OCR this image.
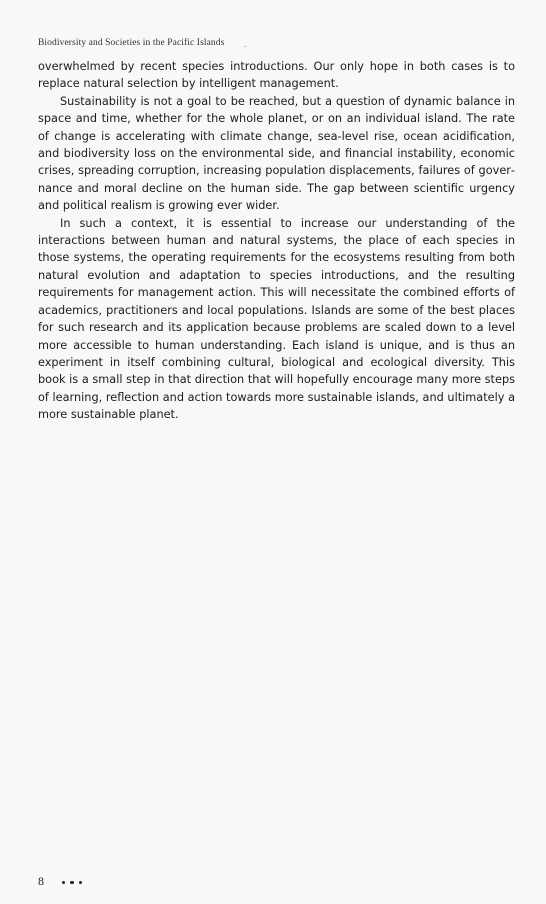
Biodiversity and Societies in the Pacific Islands .

overwhelmed by recent species introductions. Our only hope in both cases is to replace natural selection by intelligent management.

Sustainability is not a goal to be reached, but a question of dynamic balance in space and time, whether for the whole planet, or on an individual island. The rate of change is accelerating with climate change, sea-level rise, ocean acidification, and biodiversity loss on the environmental side, and financial instability, economic crises, spreading corruption, increasing population displacements, failures of governance and moral decline on the human side. The gap between scientific urgency and political realism is growing ever wider.

In such a context, it is essential to increase our understanding of the interactions between human and natural systems, the place of each species in those systems, the operating requirements for the ecosystems resulting from both natural evolution and adaptation to species introductions, and the resulting requirements for management action. This will necessitate the combined efforts of academics, practitioners and local populations. Islands are some of the best places for such research and its application because problems are scaled down to a level more accessible to human understanding. Each island is unique, and is thus an experiment in itself combining cultural, biological and ecological diversity. This book is a small step in that direction that will hopefully encourage many more steps of learning, reflection and action towards more sustainable islands, and ultimately a more sustainable planet.

8
